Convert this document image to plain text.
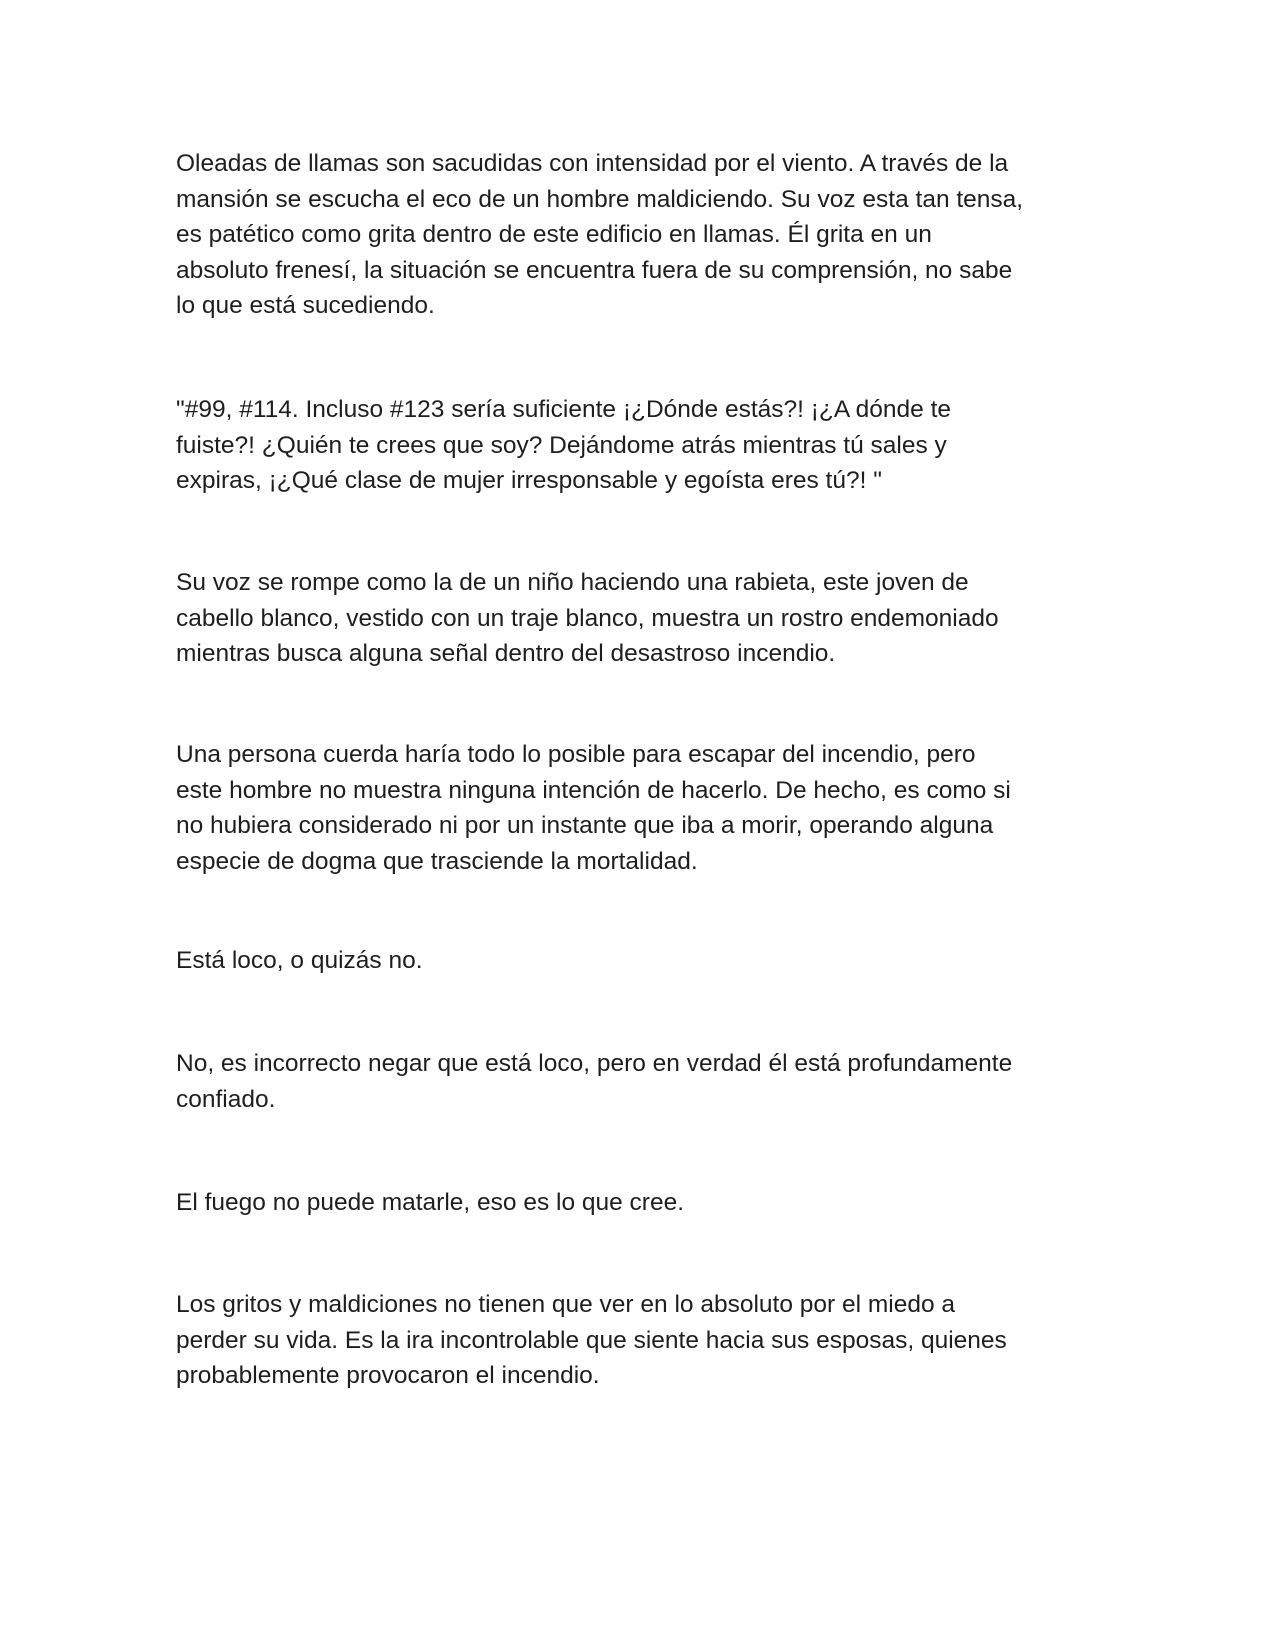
Oleadas de llamas son sacudidas con intensidad por el viento. A través de la
mansión se escucha el eco de un hombre maldiciendo. Su voz esta tan tensa,
es patético como grita dentro de este edificio en llamas. Él grita en un
absoluto frenesí, la situación se encuentra fuera de su comprensión, no sabe
lo que está sucediendo.

"#99, #114. Incluso #123 sería suficiente ¡¿Dónde estás?! ¡¿A dónde te
fuiste?! ¿Quién te crees que soy? Dejándome atrás mientras tú sales y
expiras, ¡¿Qué clase de mujer irresponsable y egoísta eres tú?! "

Su voz se rompe como la de un niño haciendo una rabieta, este joven de
cabello blanco, vestido con un traje blanco, muestra un rostro endemoniado
mientras busca alguna señal dentro del desastroso incendio.

Una persona cuerda haría todo lo posible para escapar del incendio, pero
este hombre no muestra ninguna intención de hacerlo. De hecho, es como si
no hubiera considerado ni por un instante que iba a morir, operando alguna
especie de dogma que trasciende la mortalidad.

Está loco, o quizás no.

No, es incorrecto negar que está loco, pero en verdad él está profundamente
confiado.

El fuego no puede matarle, eso es lo que cree.

Los gritos y maldiciones no tienen que ver en lo absoluto por el miedo a
perder su vida. Es la ira incontrolable que siente hacia sus esposas, quienes
probablemente provocaron el incendio.
